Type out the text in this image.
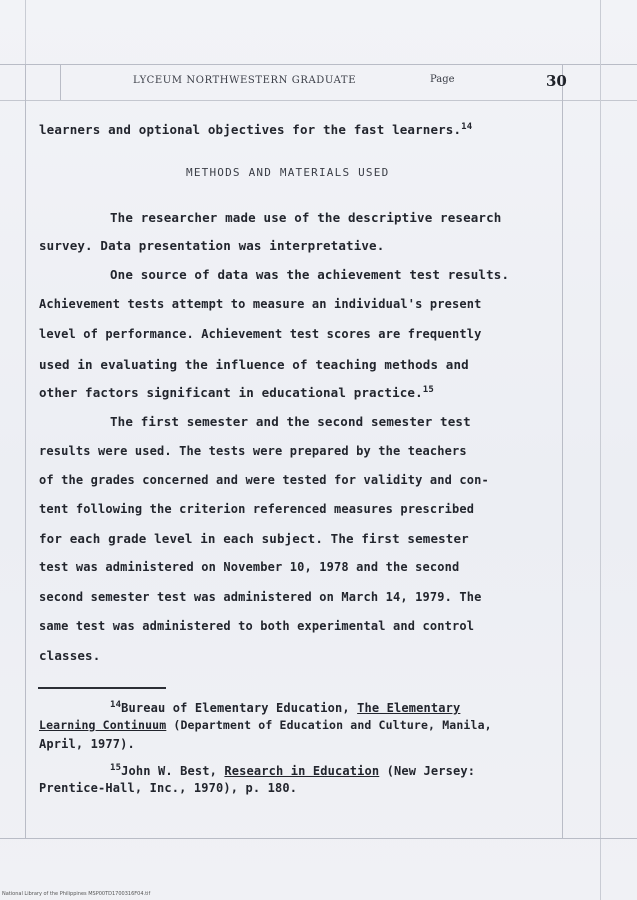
LYCEUM NORTHWESTERN GRADUATE	Page	30
learners and optional objectives for the fast learners.$^{14}$
METHODS AND MATERIALS USED
The researcher made use of the descriptive research
survey. Data presentation was interpretative.
One source of data was the achievement test results.
Achievement tests attempt to measure an individual's present
level of performance. Achievement test scores are frequently
used in evaluating the influence of teaching methods and
other factors significant in educational practice.$^{15}$
The first semester and the second semester test
results were used. The tests were prepared by the teachers
of the grades concerned and were tested for validity and con-
tent following the criterion referenced measures prescribed
for each grade level in each subject. The first semester
test was administered on November 10, 1978 and the second
second semester test was administered on March 14, 1979. The
same test was administered to both experimental and control
classes.
$^{14}$Bureau of Elementary Education, The Elementary
Learning Continuum (Department of Education and Culture, Manila,
April, 1977).
$^{15}$John W. Best, Research in Education (New Jersey:
Prentice-Hall, Inc., 1970), p. 180.
National Library of the Philippines MSP00TD1700316F04.tif
